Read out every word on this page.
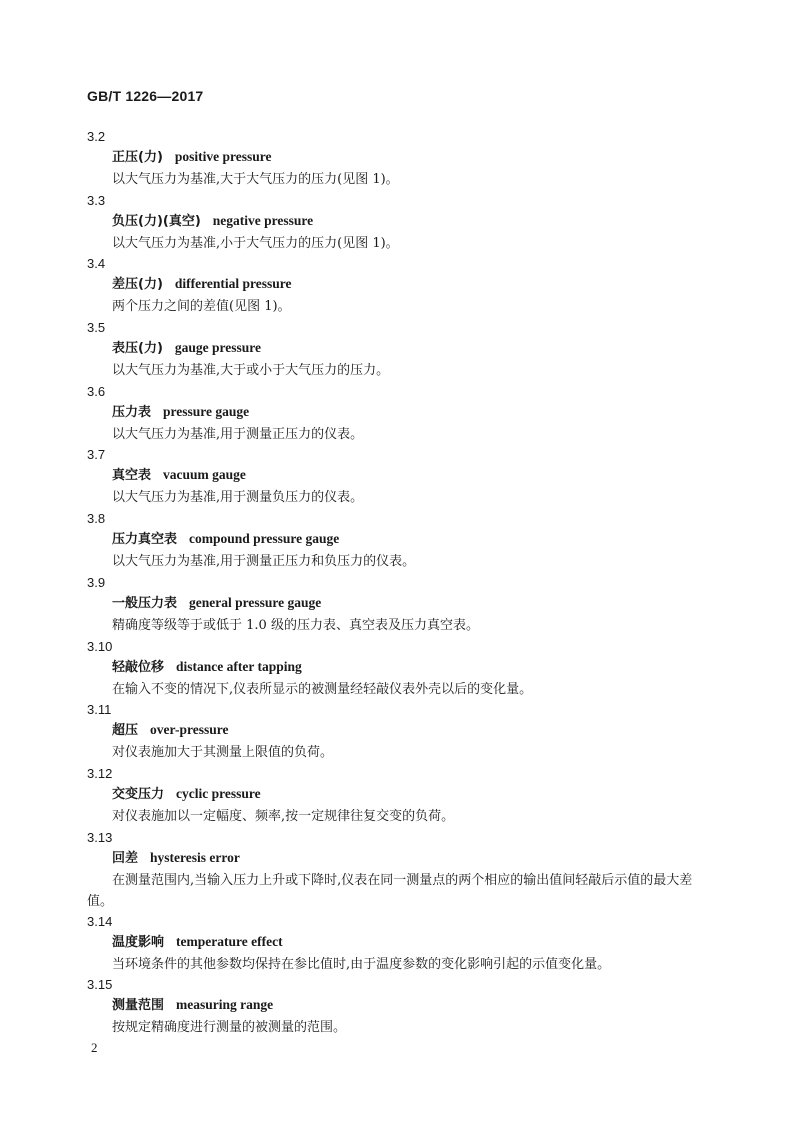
GB/T 1226—2017
3.2
正压(力) positive pressure
以大气压力为基准,大于大气压力的压力(见图 1)。
3.3
负压(力)(真空) negative pressure
以大气压力为基准,小于大气压力的压力(见图 1)。
3.4
差压(力) differential pressure
两个压力之间的差值(见图 1)。
3.5
表压(力) gauge pressure
以大气压力为基准,大于或小于大气压力的压力。
3.6
压力表 pressure gauge
以大气压力为基准,用于测量正压力的仪表。
3.7
真空表 vacuum gauge
以大气压力为基准,用于测量负压力的仪表。
3.8
压力真空表 compound pressure gauge
以大气压力为基准,用于测量正压力和负压力的仪表。
3.9
一般压力表 general pressure gauge
精确度等级等于或低于 1.0 级的压力表、真空表及压力真空表。
3.10
轻敲位移 distance after tapping
在输入不变的情况下,仪表所显示的被测量经轻敲仪表外壳以后的变化量。
3.11
超压 over-pressure
对仪表施加大于其测量上限值的负荷。
3.12
交变压力 cyclic pressure
对仪表施加以一定幅度、频率,按一定规律往复交变的负荷。
3.13
回差 hysteresis error
在测量范围内,当输入压力上升或下降时,仪表在同一测量点的两个相应的输出值间轻敲后示值的最大差值。
3.14
温度影响 temperature effect
当环境条件的其他参数均保持在参比值时,由于温度参数的变化影响引起的示值变化量。
3.15
测量范围 measuring range
按规定精确度进行测量的被测量的范围。
2
